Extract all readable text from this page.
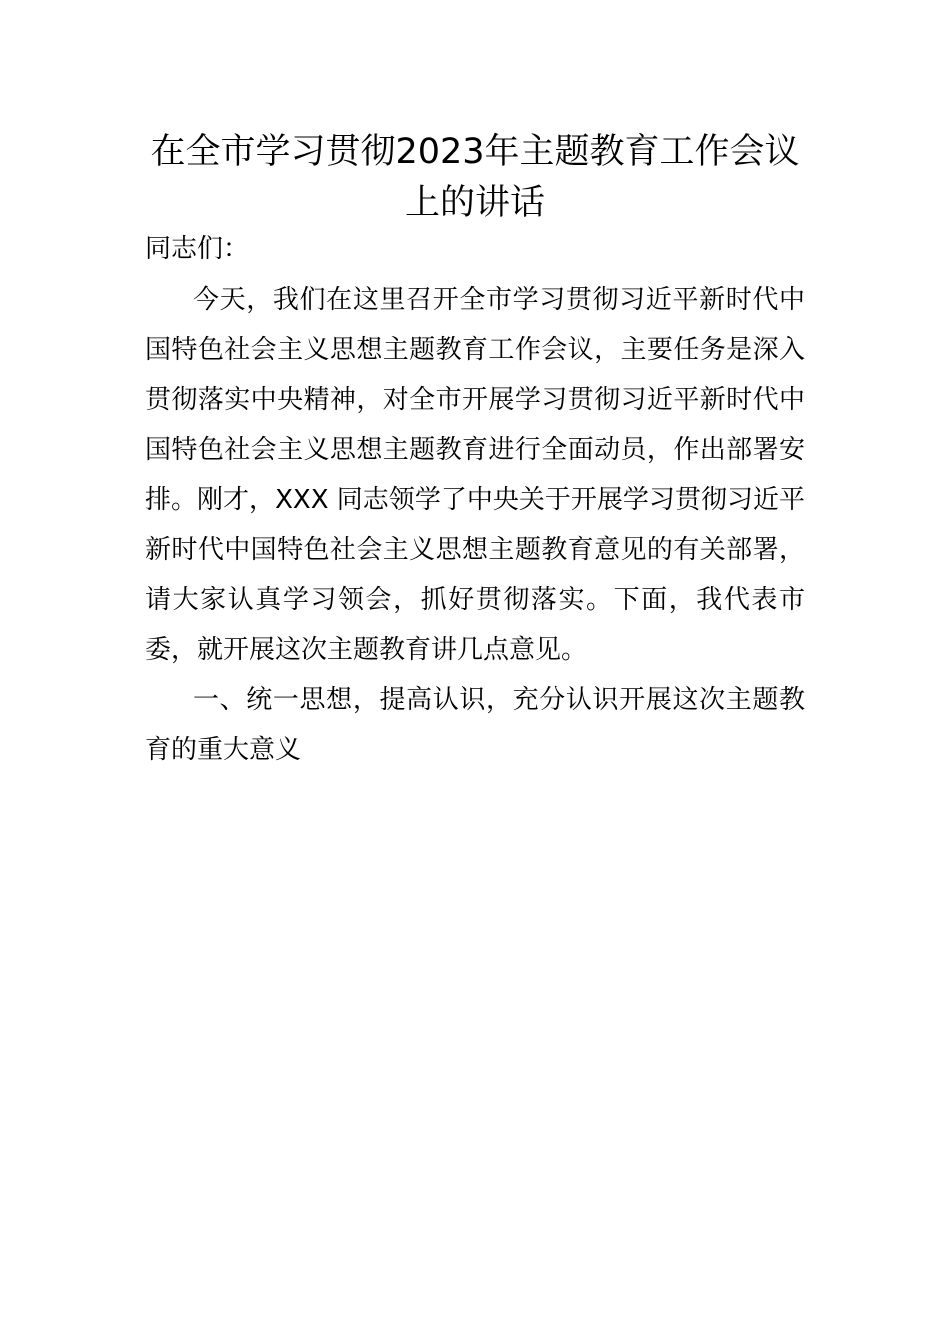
在全市学习贯彻2023年主题教育工作会议
上的讲话
同志们：
今天，我们在这里召开全市学习贯彻习近平新时代中
国特色社会主义思想主题教育工作会议，主要任务是深入
贯彻落实中央精神，对全市开展学习贯彻习近平新时代中
国特色社会主义思想主题教育进行全面动员，作出部署安
排。刚才，XXX 同志领学了中央关于开展学习贯彻习近平
新时代中国特色社会主义思想主题教育意见的有关部署，
请大家认真学习领会，抓好贯彻落实。下面，我代表市
委，就开展这次主题教育讲几点意见。
一、统一思想，提高认识，充分认识开展这次主题教
育的重大意义
